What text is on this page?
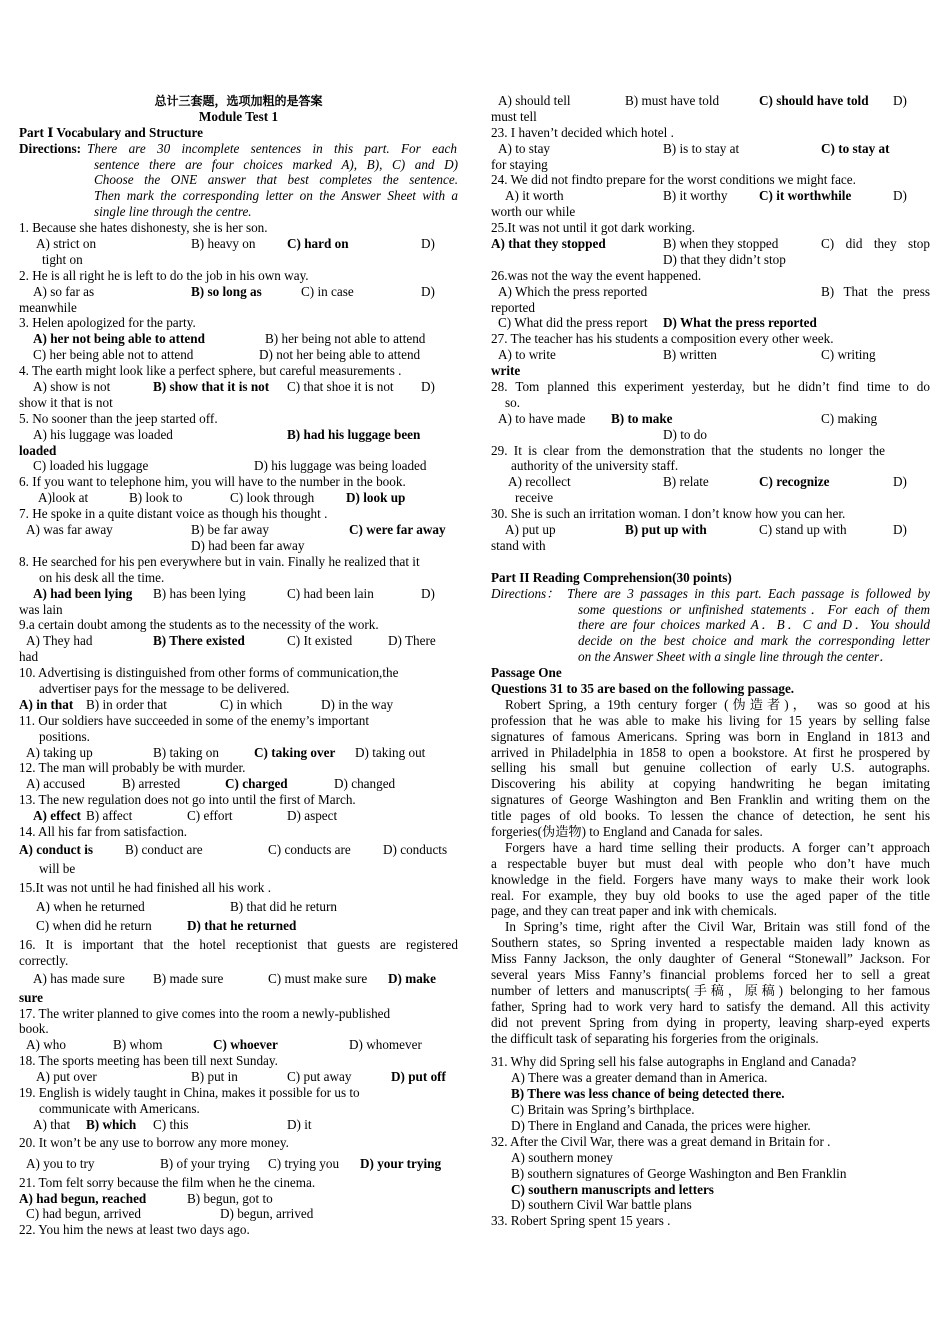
总计三套题，选项加粗的是答案
Module Test 1
Part Ⅰ Vocabulary and Structure
Directions: There are 30 incomplete sentences in this part. For each
sentence there are four choices marked A), B), C) and D)
Choose the ONE answer that best completes the sentence.
Then mark the corresponding letter on the Answer Sheet with a
single line through the centre.
1. Because she hates dishonesty, she is her son.
A) strict on	B) heavy on C) hard on	D)
tight on
2. He is all right he is left to do the job in his own way.
A) so far as	B) so long as	C) in case	D)
meanwhile
3. Helen apologized for the party.
A) her not being able to attend	B) her being not able to attend
C) her being able not to attend	D) not her being able to attend
4. The earth might look like a perfect sphere, but careful measurements .
A) show is not	B) show that it is not C) that shoe it is not D)
show it that is not
5. No sooner than the jeep started off.
A) his luggage was loaded	B) had his luggage been
loaded
C) loaded his luggage	D) his luggage was being loaded
6. If you want to telephone him, you will have to the number in the book.
A)look at	B) look to	C) look through D) look up
7. He spoke in a quite distant voice as though his thought .
A) was far away	B) be far away	C) were far away
D) had been far away
8. He searched for his pen everywhere but in vain. Finally he realized that it
on his desk all the time.
A) had been lying B) has been lying	C) had been lain	D)
was lain
9.a certain doubt among the students as to the necessity of the work.
A) They had	B) There existed	C) It existed	D) There
had
10. Advertising is distinguished from other forms of communication,the
advertiser pays for the message to be delivered.
A) in that B) in order that	C) in which	D) in the way
11. Our soldiers have succeeded in some of the enemy’s important
positions.
A) taking up	B) taking on	C) taking over D) taking out
12. The man will probably be with murder.
A) accused	B) arrested	C) charged	D) changed
13. The new regulation does not go into until the first of March.
A) effect B) affect	C) effort	D) aspect
14. All his far from satisfaction.
A) conduct is B) conduct are	C) conducts are D) conducts
will be
15.It was not until he had finished all his work .
A) when he returned	B) that did he return
C) when did he return	D) that he returned
16. It is important that the hotel receptionist that guests are registered
correctly.
A) has made sure B) made sure	C) must make sure D) make
sure
17. The writer planned to give comes into the room a newly-published
book.
A) who	B) whom	C) whoever	D) whomever
18. The sports meeting has been till next Sunday.
A) put over	B) put in	C) put away	D) put off
19. English is widely taught in China, makes it possible for us to
communicate with Americans.
A) that B) which C) this	D) it
20. It won’t be any use to borrow any more money.
A) you to try	B) of your trying C) trying you D) your trying
21. Tom felt sorry because the film when he the cinema.
A) had begun, reached	B) begun, got to
C) had begun, arrived	D) begun, arrived
22. You him the news at least two days ago.
A) should tell	B) must have told	C) should have told D)
must tell
23. I haven’t decided which hotel .
A) to stay	B) is to stay at	C) to stay at
for staying
24. We did not findto prepare for the worst conditions we might face.
A) it worth	B) it worthy C) it worthwhile	D)
worth our while
25.It was not until it got dark working.
A) that they stopped	B) when they stopped	C) did they stop
D) that they didn’t stop
26.was not the way the event happened.
A) Which the press reported	B) That the press
reported
C) What did the press report D) What the press reported
27. The teacher has his students a composition every other week.
A) to write	B) written	C) writing
write
28. Tom planned this experiment yesterday, but he didn’t find time to do
so.
A) to have made B) to make	C) making
D) to do
29. It is clear from the demonstration that the students no longer the
authority of the university staff.
A) recollect	B) relate	C) recognize	D)
receive
30. She is such an irritation woman. I don’t know how you can her.
A) put up	B) put up with	C) stand up with	D)
stand with
Part II Reading Comprehension(30 points)
Directions： There are 3 passages in this part. Each passage is followed by
some questions or unfinished statements．For each of them
there are four choices marked A．B．C and D．You should
decide on the best choice and mark the corresponding letter
on the Answer Sheet with a single line through the center．
Passage One
Questions 31 to 35 are based on the following passage.
Robert Spring, a 19th century forger (伪造者)， was so good at his
profession that he was able to make his living for 15 years by selling false
signatures of famous Americans. Spring was born in England in 1813 and
arrived in Philadelphia in 1858 to open a bookstore. At first he prospered by
selling his small but genuine collection of early U.S. autographs.
Discovering his ability at copying handwriting he began imitating
signatures of George Washington and Ben Franklin and writing them on the
title pages of old books. To lessen the chance of detection, he sent his
forgeries(伪造物) to England and Canada for sales.
Forgers have a hard time selling their products. A forger can’t approach
a respectable buyer but must deal with people who don’t have much
knowledge in the field. Forgers have many ways to make their work look
real. For example, they buy old books to use the aged paper of the title
page, and they can treat paper and ink with chemicals.
In Spring’s time, right after the Civil War, Britain was still fond of the
Southern states, so Spring invented a respectable maiden lady known as
Miss Fanny Jackson, the only daughter of General “Stonewall” Jackson. For
several years Miss Fanny’s financial problems forced her to sell a great
number of letters and manuscripts(手稿，原稿) belonging to her famous
father, Spring had to work very hard to satisfy the demand. All this activity
did not prevent Spring from dying in property, leaving sharp-eyed experts
the difficult task of separating his forgeries from the originals.
31. Why did Spring sell his false autographs in England and Canada?
A) There was a greater demand than in America.
B) There was less chance of being detected there.
C) Britain was Spring’s birthplace.
D) There in England and Canada, the prices were higher.
32. After the Civil War, there was a great demand in Britain for .
A) southern money
B) southern signatures of George Washington and Ben Franklin
C) southern manuscripts and letters
D) southern Civil War battle plans
33. Robert Spring spent 15 years .
